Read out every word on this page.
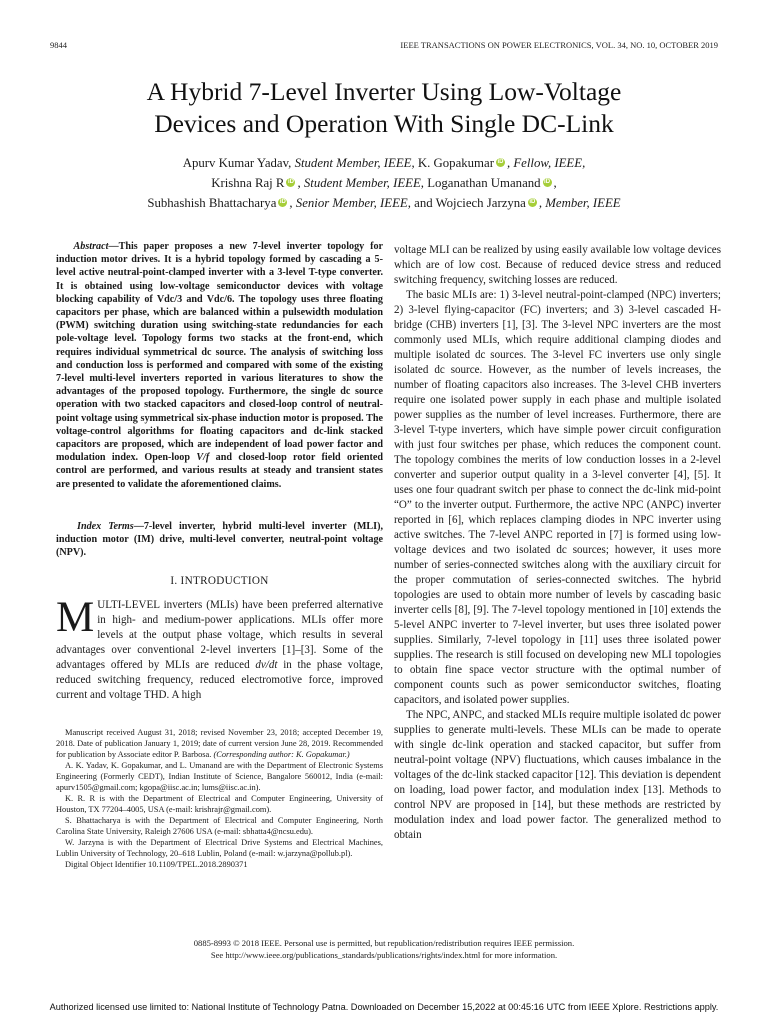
9844	IEEE TRANSACTIONS ON POWER ELECTRONICS, VOL. 34, NO. 10, OCTOBER 2019
A Hybrid 7-Level Inverter Using Low-Voltage
Devices and Operation With Single DC-Link
Apurv Kumar Yadav, Student Member, IEEE, K. Gopakumar iD , Fellow, IEEE,
Krishna Raj R iD , Student Member, IEEE, Loganathan Umanand iD ,
Subhashish Bhattacharya iD , Senior Member, IEEE, and Wojciech Jarzyna iD , Member, IEEE
Abstract—This paper proposes a new 7-level inverter topology for induction motor drives. It is a hybrid topology formed by cascading a 5-level active neutral-point-clamped inverter with a 3-level T-type converter. It is obtained using low-voltage semiconductor devices with voltage blocking capability of Vdc/3 and Vdc/6. The topology uses three floating capacitors per phase, which are balanced within a pulsewidth modulation (PWM) switching duration using switching-state redundancies for each pole-voltage level. Topology forms two stacks at the front-end, which requires individual symmetrical dc source. The analysis of switching loss and conduction loss is performed and compared with some of the existing 7-level multi-level inverters reported in various literatures to show the advantages of the proposed topology. Furthermore, the single dc source operation with two stacked capacitors and closed-loop control of neutral-point voltage using symmetrical six-phase induction motor is proposed. The voltage-control algorithms for floating capacitors and dc-link stacked capacitors are proposed, which are independent of load power factor and modulation index. Open-loop V/f and closed-loop rotor field oriented control are performed, and various results at steady and transient states are presented to validate the aforementioned claims.
Index Terms—7-level inverter, hybrid multi-level inverter (MLI), induction motor (IM) drive, multi-level converter, neutral-point voltage (NPV).
I. INTRODUCTION

MULTI-LEVEL inverters (MLIs) have been preferred alternative in high- and medium-power applications. MLIs offer more levels at the output phase voltage, which results in several advantages over conventional 2-level inverters [1]–[3]. Some of the advantages offered by MLIs are reduced dv/dt in the phase voltage, reduced switching frequency, reduced electromotive force, improved current and voltage THD. A high

Manuscript received August 31, 2018; revised November 23, 2018; accepted December 19, 2018. Date of publication January 1, 2019; date of current version June 28, 2019. Recommended for publication by Associate editor P. Barbosa. (Corresponding author: K. Gopakumar.)

A. K. Yadav, K. Gopakumar, and L. Umanand are with the Department of Electronic Systems Engineering (Formerly CEDT), Indian Institute of Science, Bangalore 560012, India (e-mail: apurv1505@gmail.com; kgopa@iisc.ac.in; lums@iisc.ac.in).

K. R. R is with the Department of Electrical and Computer Engineering, University of Houston, TX 77204–4005, USA (e-mail: krishrajr@gmail.com).

S. Bhattacharya is with the Department of Electrical and Computer Engineering, North Carolina State University, Raleigh 27606 USA (e-mail: sbhatta4@ncsu.edu).

W. Jarzyna is with the Department of Electrical Drive Systems and Electrical Machines, Lublin University of Technology, 20–618 Lublin, Poland (e-mail: w.jarzyna@pollub.pl).

Digital Object Identifier 10.1109/TPEL.2018.2890371

voltage MLI can be realized by using easily available low voltage devices which are of low cost. Because of reduced device stress and reduced switching frequency, switching losses are reduced.

The basic MLIs are: 1) 3-level neutral-point-clamped (NPC) inverters; 2) 3-level flying-capacitor (FC) inverters; and 3) 3-level cascaded H-bridge (CHB) inverters [1], [3]. The 3-level NPC inverters are the most commonly used MLIs, which require additional clamping diodes and multiple isolated dc sources. The 3-level FC inverters use only single isolated dc source. However, as the number of levels increases, the number of floating capacitors also increases. The 3-level CHB inverters require one isolated power supply in each phase and multiple isolated power supplies as the number of level increases. Furthermore, there are 3-level T-type inverters, which have simple power circuit configuration with just four switches per phase, which reduces the component count. The topology combines the merits of low conduction losses in a 2-level converter and superior output quality in a 3-level converter [4], [5]. It uses one four quadrant switch per phase to connect the dc-link mid-point “O” to the inverter output. Furthermore, the active NPC (ANPC) inverter reported in [6], which replaces clamping diodes in NPC inverter using active switches. The 7-level ANPC reported in [7] is formed using low-voltage devices and two isolated dc sources; however, it uses more number of series-connected switches along with the auxiliary circuit for the proper commutation of series-connected switches. The hybrid topologies are used to obtain more number of levels by cascading basic inverter cells [8], [9]. The 7-level topology mentioned in [10] extends the 5-level ANPC inverter to 7-level inverter, but uses three isolated power supplies. Similarly, 7-level topology in [11] uses three isolated power supplies. The research is still focused on developing new MLI topologies to obtain fine space vector structure with the optimal number of component counts such as power semiconductor switches, floating capacitors, and isolated power supplies.

The NPC, ANPC, and stacked MLIs require multiple isolated dc power supplies to generate multi-levels. These MLIs can be made to operate with single dc-link operation and stacked capacitor, but suffer from neutral-point voltage (NPV) fluctuations, which causes imbalance in the voltages of the dc-link stacked capacitor [12]. This deviation is dependent on loading, load power factor, and modulation index [13]. Methods to control NPV are proposed in [14], but these methods are restricted by modulation index and load power factor. The generalized method to obtain

0885-8993 © 2018 IEEE. Personal use is permitted, but republication/redistribution requires IEEE permission.
See http://www.ieee.org/publications_standards/publications/rights/index.html for more information.
Authorized licensed use limited to: National Institute of Technology Patna. Downloaded on December 15,2022 at 00:45:16 UTC from IEEE Xplore. Restrictions apply.
